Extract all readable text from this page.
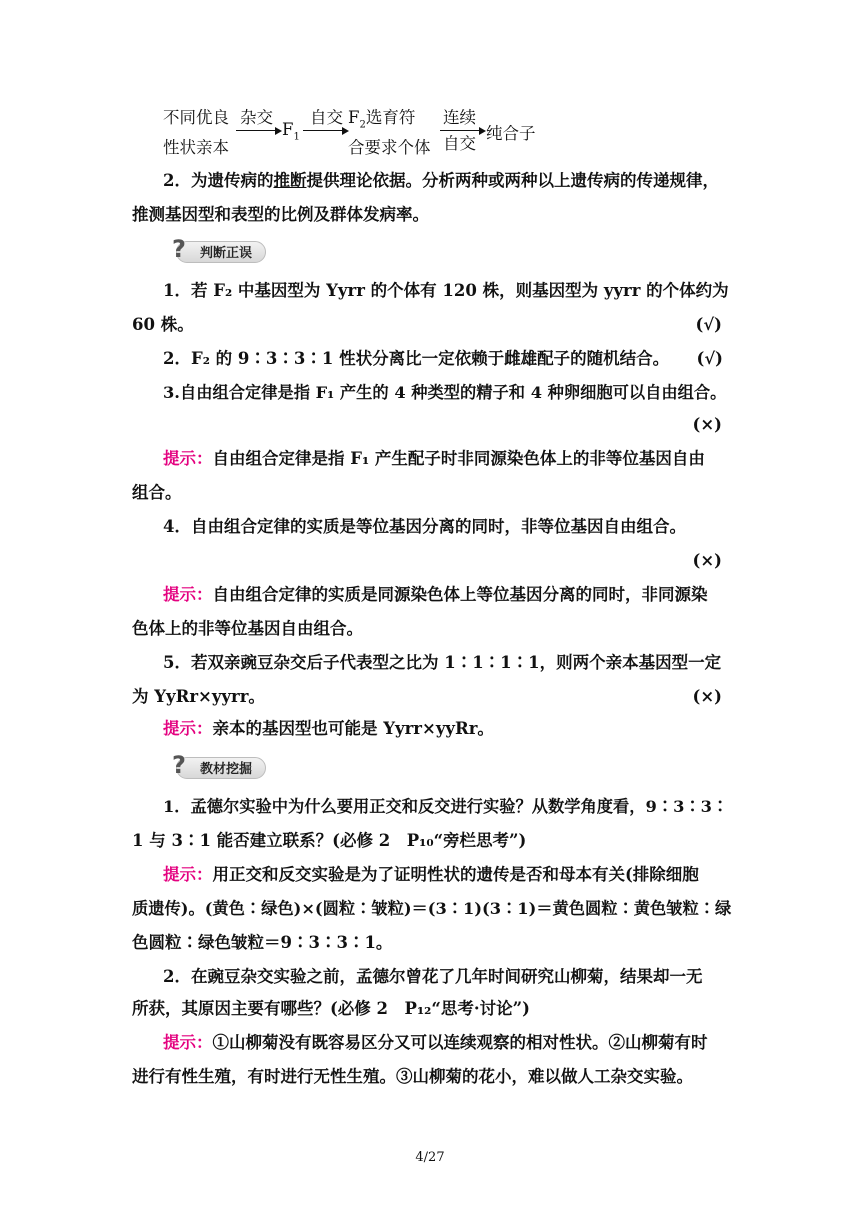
不同优良
性状亲本
杂交
$F_1$
自交 $F_2$选育符
合要求个体
连续
自交
纯合子
2．为遗传病的推断提供理论依据。分析两种或两种以上遗传病的传递规律，
推测基因型和表型的比例及群体发病率。
?	判断正误
1．若 F₂ 中基因型为 Yyrr 的个体有 120 株，则基因型为 yyrr 的个体约为
60 株。	(√)
2．F₂ 的 9∶3∶3∶1 性状分离比一定依赖于雌雄配子的随机结合。 (√)
3.自由组合定律是指 F₁ 产生的 4 种类型的精子和 4 种卵细胞可以自由组合。
(×)
提示：自由组合定律是指 F₁ 产生配子时非同源染色体上的非等位基因自由
组合。
4．自由组合定律的实质是等位基因分离的同时，非等位基因自由组合。
(×)
提示：自由组合定律的实质是同源染色体上等位基因分离的同时，非同源染
色体上的非等位基因自由组合。
5．若双亲豌豆杂交后子代表型之比为 1∶1∶1∶1，则两个亲本基因型一定
为 YyRr×yyrr。	(×)
提示：亲本的基因型也可能是 Yyrr×yyRr。
?	教材挖掘
1．孟德尔实验中为什么要用正交和反交进行实验？从数学角度看，9∶3∶3∶
1 与 3∶1 能否建立联系？(必修 2　P₁₀“旁栏思考”)
提示：用正交和反交实验是为了证明性状的遗传是否和母本有关(排除细胞
质遗传)。(黄色∶绿色)×(圆粒∶皱粒)＝(3∶1)(3∶1)＝黄色圆粒∶黄色皱粒∶绿
色圆粒∶绿色皱粒＝9∶3∶3∶1。
2．在豌豆杂交实验之前，孟德尔曾花了几年时间研究山柳菊，结果却一无
所获，其原因主要有哪些？(必修 2　P₁₂“思考·讨论”)
提示：①山柳菊没有既容易区分又可以连续观察的相对性状。②山柳菊有时
进行有性生殖，有时进行无性生殖。③山柳菊的花小，难以做人工杂交实验。
4/27
